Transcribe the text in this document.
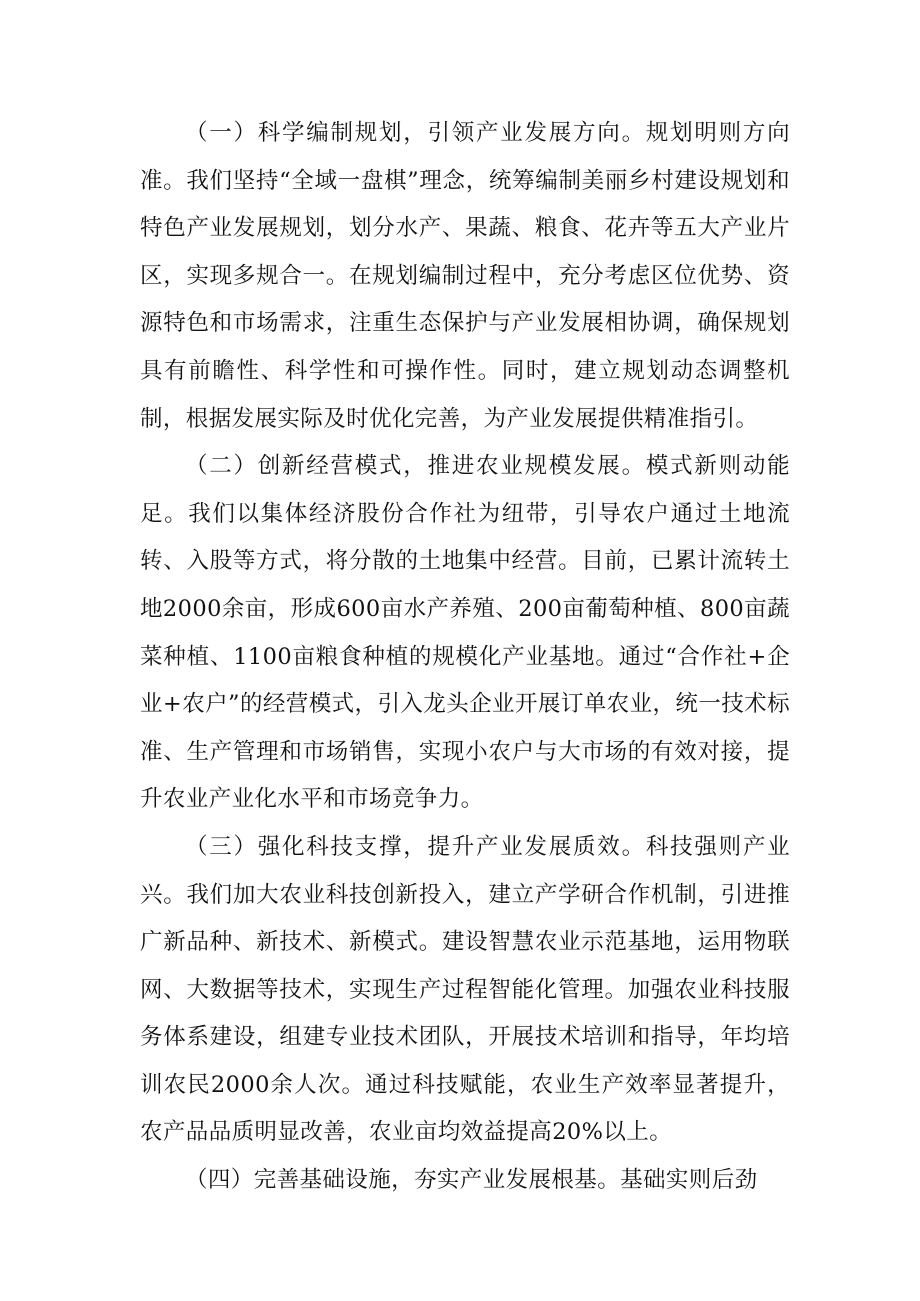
（一）科学编制规划，引领产业发展方向。规划明则方向准。我们坚持“全域一盘棋”理念，统筹编制美丽乡村建设规划和特色产业发展规划，划分水产、果蔬、粮食、花卉等五大产业片区，实现多规合一。在规划编制过程中，充分考虑区位优势、资源特色和市场需求，注重生态保护与产业发展相协调，确保规划具有前瞻性、科学性和可操作性。同时，建立规划动态调整机制，根据发展实际及时优化完善，为产业发展提供精准指引。

（二）创新经营模式，推进农业规模发展。模式新则动能足。我们以集体经济股份合作社为纽带，引导农户通过土地流转、入股等方式，将分散的土地集中经营。目前，已累计流转土地2000余亩，形成600亩水产养殖、200亩葡萄种植、800亩蔬菜种植、1100亩粮食种植的规模化产业基地。通过“合作社+企业+农户”的经营模式，引入龙头企业开展订单农业，统一技术标准、生产管理和市场销售，实现小农户与大市场的有效对接，提升农业产业化水平和市场竞争力。

（三）强化科技支撑，提升产业发展质效。科技强则产业兴。我们加大农业科技创新投入，建立产学研合作机制，引进推广新品种、新技术、新模式。建设智慧农业示范基地，运用物联网、大数据等技术，实现生产过程智能化管理。加强农业科技服务体系建设，组建专业技术团队，开展技术培训和指导，年均培训农民2000余人次。通过科技赋能，农业生产效率显著提升，农产品品质明显改善，农业亩均效益提高20%以上。

（四）完善基础设施，夯实产业发展根基。基础实则后劲
